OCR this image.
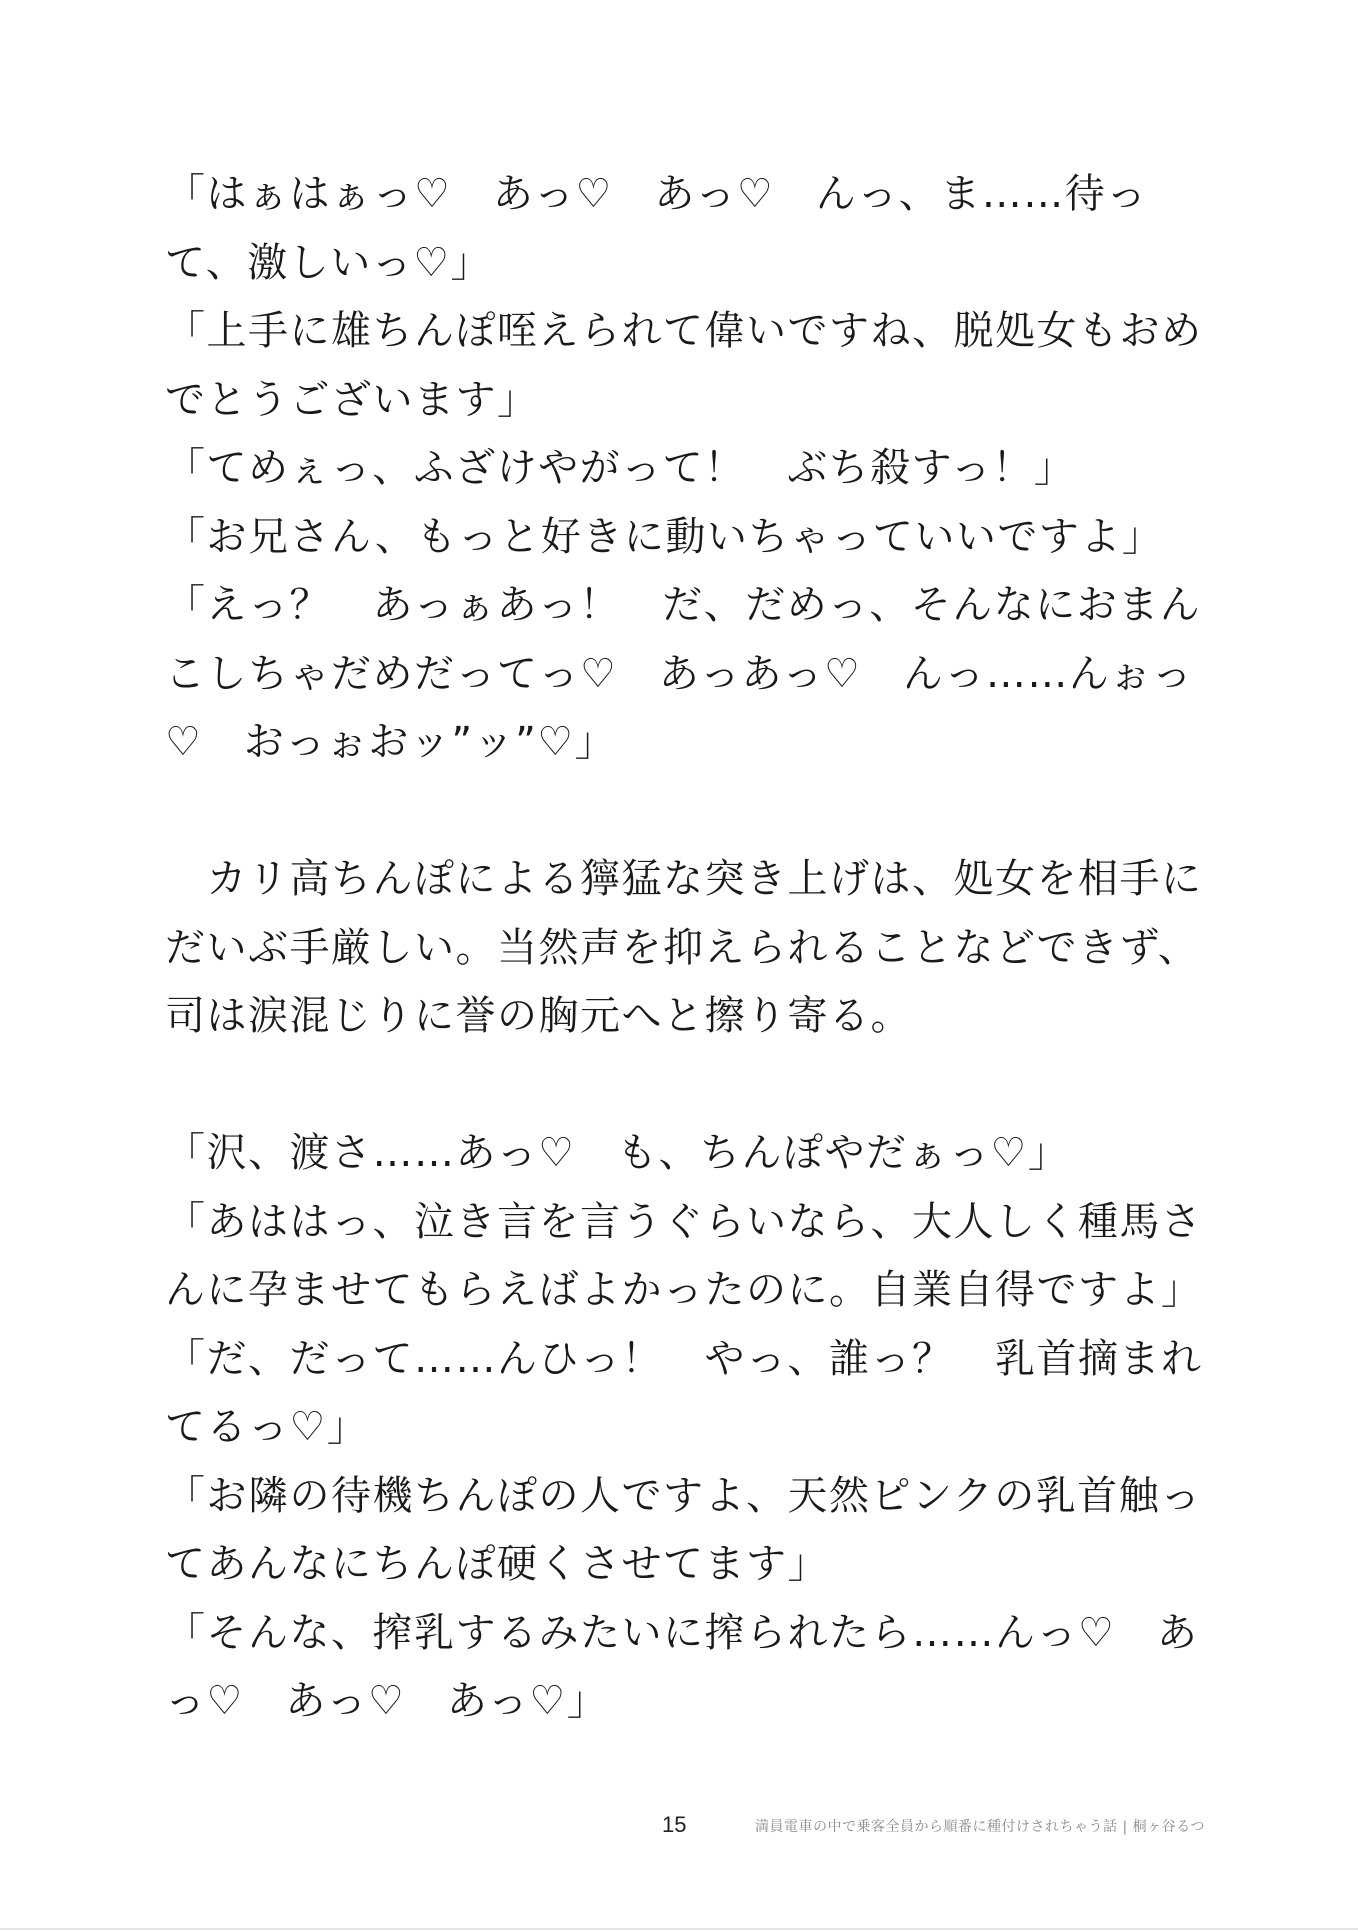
「はぁはぁっ♡　あっ♡　あっ♡　んっ、ま……待っ
て、激しいっ♡」
「上手に雄ちんぽ咥えられて偉いですね、脱処女もおめ
でとうございます」
「てめぇっ、ふざけやがって！　ぶち殺すっ！」
「お兄さん、もっと好きに動いちゃっていいですよ」
「えっ？　あっぁあっ！　だ、だめっ、そんなにおまん
こしちゃだめだってっ♡　あっあっ♡　んっ……んぉっ
♡　おっぉおッ”ッ”♡」
　カリ高ちんぽによる獰猛な突き上げは、処女を相手に
だいぶ手厳しい。当然声を抑えられることなどできず、
司は涙混じりに誉の胸元へと擦り寄る。
「沢、渡さ……あっ♡　も、ちんぽやだぁっ♡」
「あははっ、泣き言を言うぐらいなら、大人しく種馬さ
んに孕ませてもらえばよかったのに。自業自得ですよ」
「だ、だって……んひっ！　やっ、誰っ？　乳首摘まれ
てるっ♡」
「お隣の待機ちんぽの人ですよ、天然ピンクの乳首触っ
てあんなにちんぽ硬くさせてます」
「そんな、搾乳するみたいに搾られたら……んっ♡　あ
っ♡　あっ♡　あっ♡」
15	満員電車の中で乗客全員から順番に種付けされちゃう話 | 桐ヶ谷るつ
